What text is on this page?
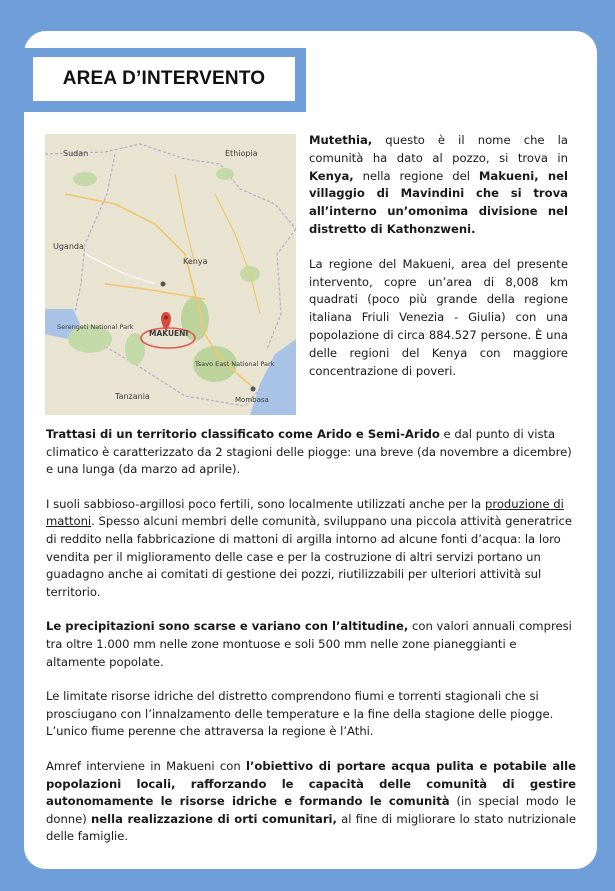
AREA D’INTERVENTO
MAKUENI
Sudan	Ethiopia
Kenya
Uganda
Serengeti National Park
Tsavo East National Park
Mombasa
Tanzania

Mutethia, questo è il nome che la comunità ha dato al pozzo, si trova in Kenya, nella regione del Makueni, nel villaggio di Mavindini che si trova all’interno un’omonima divisione nel distretto di Kathonzweni.

La regione del Makueni, area del presente intervento, copre un’area di 8,008 km quadrati (poco più grande della regione italiana Friuli Venezia - Giulia) con una popolazione di circa 884.527 persone. È una delle regioni del Kenya con maggiore concentrazione di poveri.

Trattasi di un territorio classificato come Arido e Semi-Arido e dal punto di vista climatico è caratterizzato da 2 stagioni delle piogge: una breve (da novembre a dicembre) e una lunga (da marzo ad aprile).

I suoli sabbioso-argillosi poco fertili, sono localmente utilizzati anche per la produzione di mattoni. Spesso alcuni membri delle comunità, sviluppano una piccola attività generatrice di reddito nella fabbricazione di mattoni di argilla intorno ad alcune fonti d’acqua: la loro vendita per il miglioramento delle case e per la costruzione di altri servizi portano un guadagno anche ai comitati di gestione dei pozzi, riutilizzabili per ulteriori attività sul territorio.

Le precipitazioni sono scarse e variano con l’altitudine, con valori annuali compresi tra oltre 1.000 mm nelle zone montuose e soli 500 mm nelle zone pianeggianti e altamente popolate.

Le limitate risorse idriche del distretto comprendono fiumi e torrenti stagionali che si prosciugano con l’innalzamento delle temperature e la fine della stagione delle piogge. L’unico fiume perenne che attraversa la regione è l’Athi.

Amref interviene in Makueni con l’obiettivo di portare acqua pulita e potabile alle popolazioni locali, rafforzando le capacità delle comunità di gestire autonomamente le risorse idriche e formando le comunità (in special modo le donne) nella realizzazione di orti comunitari, al fine di migliorare lo stato nutrizionale delle famiglie.
